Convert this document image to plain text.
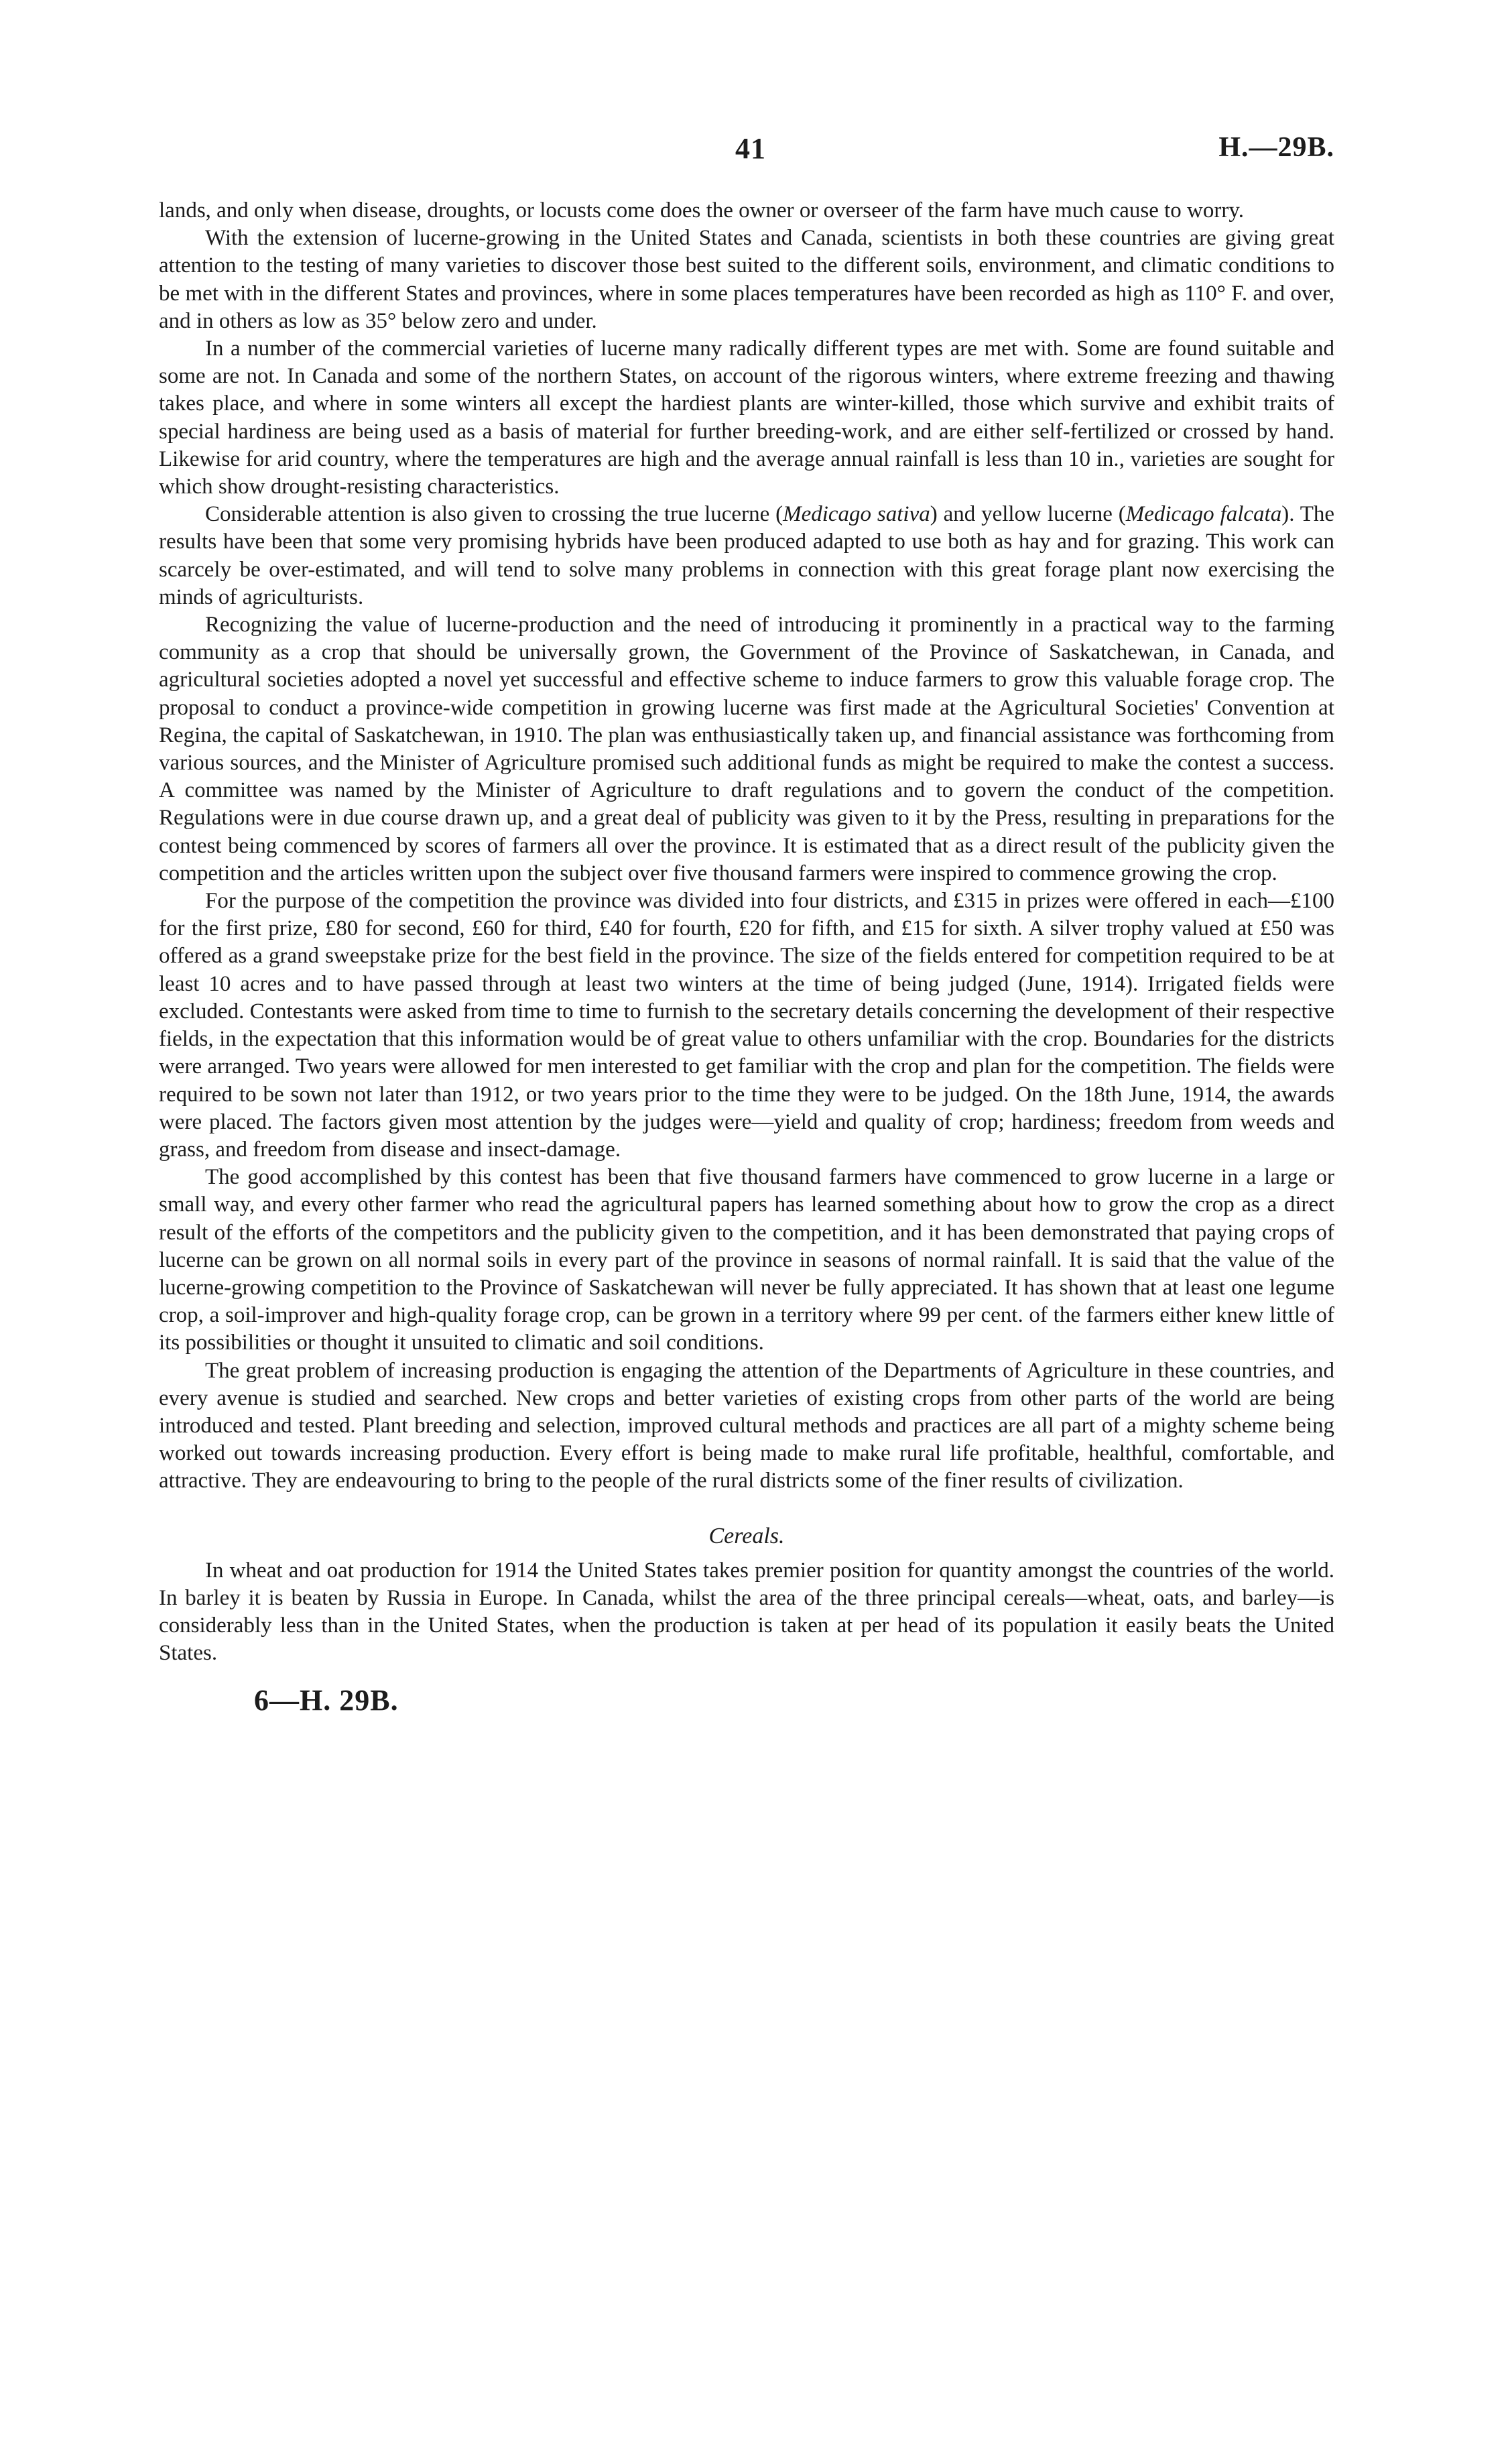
41	H.—29B.

lands, and only when disease, droughts, or locusts come does the owner or overseer of the farm have much cause to worry.

With the extension of lucerne-growing in the United States and Canada, scientists in both these countries are giving great attention to the testing of many varieties to discover those best suited to the different soils, environment, and climatic conditions to be met with in the different States and provinces, where in some places temperatures have been recorded as high as 110° F. and over, and in others as low as 35° below zero and under.

In a number of the commercial varieties of lucerne many radically different types are met with. Some are found suitable and some are not. In Canada and some of the northern States, on account of the rigorous winters, where extreme freezing and thawing takes place, and where in some winters all except the hardiest plants are winter-killed, those which survive and exhibit traits of special hardiness are being used as a basis of material for further breeding-work, and are either self-fertilized or crossed by hand. Likewise for arid country, where the temperatures are high and the average annual rainfall is less than 10 in., varieties are sought for which show drought-resisting characteristics.

Considerable attention is also given to crossing the true lucerne (Medicago sativa) and yellow lucerne (Medicago falcata). The results have been that some very promising hybrids have been produced adapted to use both as hay and for grazing. This work can scarcely be over-estimated, and will tend to solve many problems in connection with this great forage plant now exercising the minds of agriculturists.

Recognizing the value of lucerne-production and the need of introducing it prominently in a practical way to the farming community as a crop that should be universally grown, the Government of the Province of Saskatchewan, in Canada, and agricultural societies adopted a novel yet successful and effective scheme to induce farmers to grow this valuable forage crop. The proposal to conduct a province-wide competition in growing lucerne was first made at the Agricultural Societies' Convention at Regina, the capital of Saskatchewan, in 1910. The plan was enthusiastically taken up, and financial assistance was forthcoming from various sources, and the Minister of Agriculture promised such additional funds as might be required to make the contest a success. A committee was named by the Minister of Agriculture to draft regulations and to govern the conduct of the competition. Regulations were in due course drawn up, and a great deal of publicity was given to it by the Press, resulting in preparations for the contest being commenced by scores of farmers all over the province. It is estimated that as a direct result of the publicity given the competition and the articles written upon the subject over five thousand farmers were inspired to commence growing the crop.

For the purpose of the competition the province was divided into four districts, and £315 in prizes were offered in each—£100 for the first prize, £80 for second, £60 for third, £40 for fourth, £20 for fifth, and £15 for sixth. A silver trophy valued at £50 was offered as a grand sweepstake prize for the best field in the province. The size of the fields entered for competition required to be at least 10 acres and to have passed through at least two winters at the time of being judged (June, 1914). Irrigated fields were excluded. Contestants were asked from time to time to furnish to the secretary details concerning the development of their respective fields, in the expectation that this information would be of great value to others unfamiliar with the crop. Boundaries for the districts were arranged. Two years were allowed for men interested to get familiar with the crop and plan for the competition. The fields were required to be sown not later than 1912, or two years prior to the time they were to be judged. On the 18th June, 1914, the awards were placed. The factors given most attention by the judges were—yield and quality of crop; hardiness; freedom from weeds and grass, and freedom from disease and insect-damage.

The good accomplished by this contest has been that five thousand farmers have commenced to grow lucerne in a large or small way, and every other farmer who read the agricultural papers has learned something about how to grow the crop as a direct result of the efforts of the competitors and the publicity given to the competition, and it has been demonstrated that paying crops of lucerne can be grown on all normal soils in every part of the province in seasons of normal rainfall. It is said that the value of the lucerne-growing competition to the Province of Saskatchewan will never be fully appreciated. It has shown that at least one legume crop, a soil-improver and high-quality forage crop, can be grown in a territory where 99 per cent. of the farmers either knew little of its possibilities or thought it unsuited to climatic and soil conditions.

The great problem of increasing production is engaging the attention of the Departments of Agriculture in these countries, and every avenue is studied and searched. New crops and better varieties of existing crops from other parts of the world are being introduced and tested. Plant breeding and selection, improved cultural methods and practices are all part of a mighty scheme being worked out towards increasing production. Every effort is being made to make rural life profitable, healthful, comfortable, and attractive. They are endeavouring to bring to the people of the rural districts some of the finer results of civilization.

Cereals.

In wheat and oat production for 1914 the United States takes premier position for quantity amongst the countries of the world. In barley it is beaten by Russia in Europe. In Canada, whilst the area of the three principal cereals—wheat, oats, and barley—is considerably less than in the United States, when the production is taken at per head of its population it easily beats the United States.

6—H. 29B.
